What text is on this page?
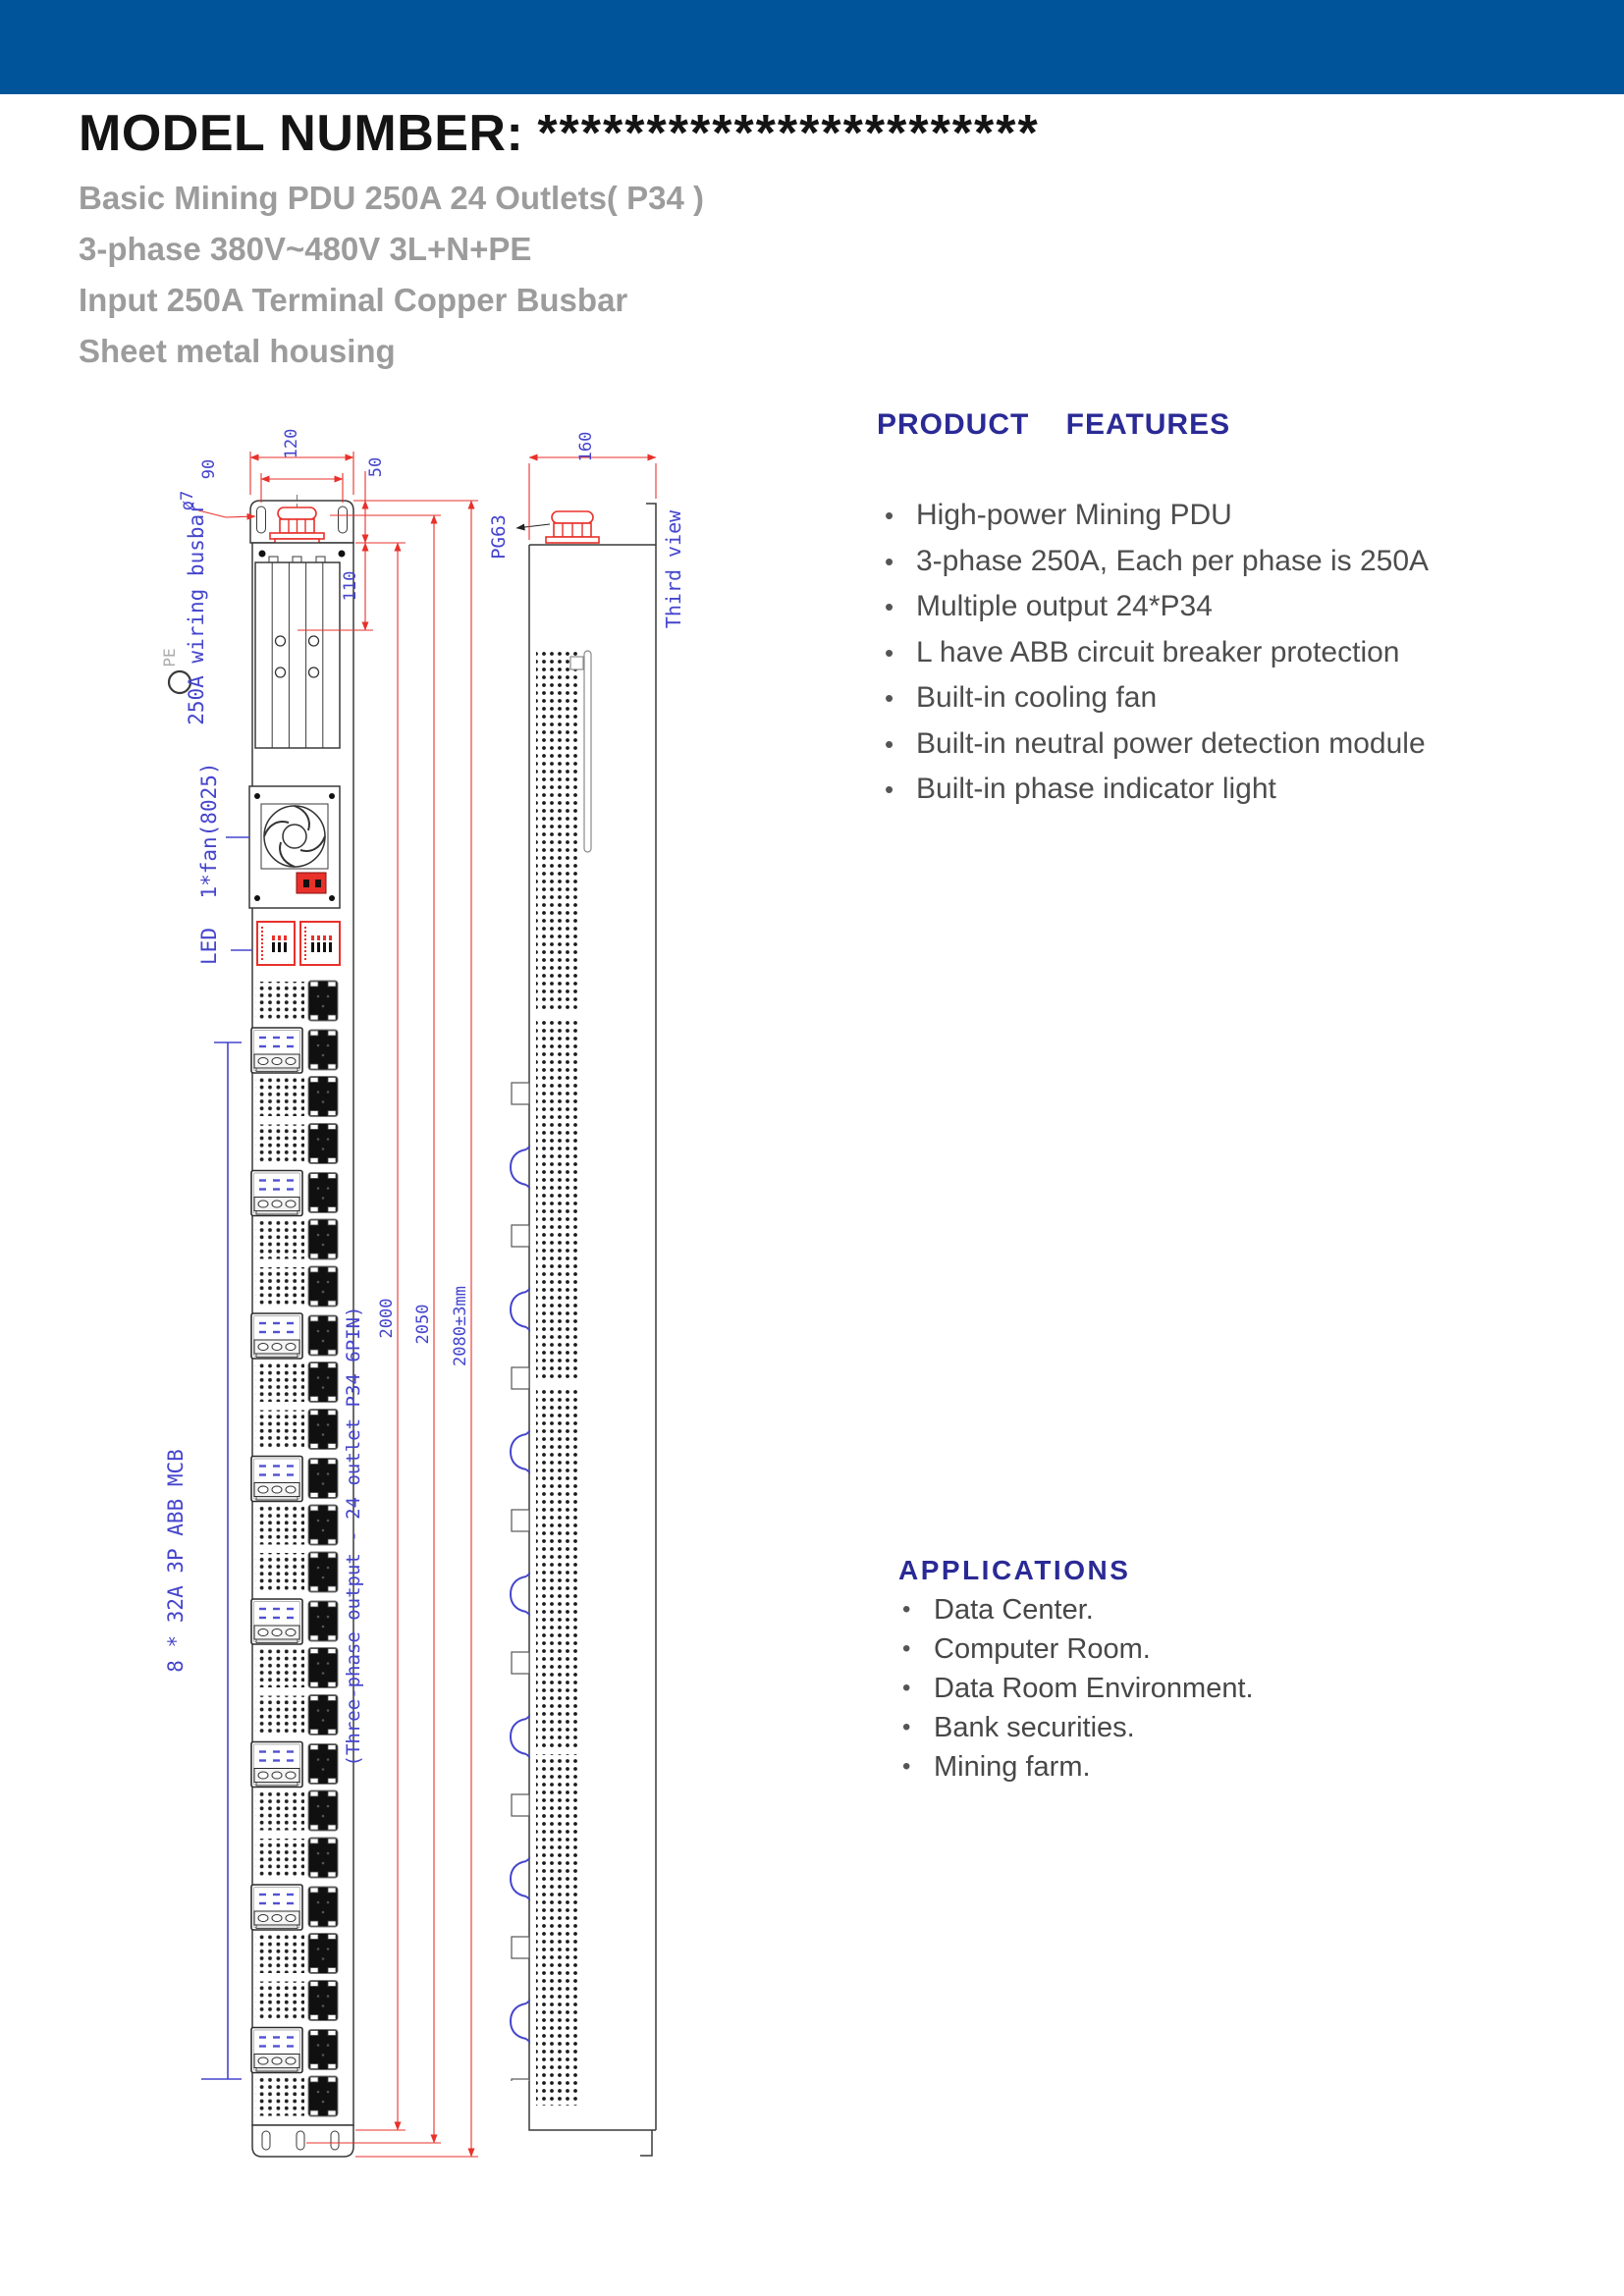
MODEL NUMBER: ***********************
Basic Mining PDU 250A 24 Outlets( P34 )
3-phase 380V~480V 3L+N+PE
Input 250A Terminal Copper Busbar
Sheet metal housing
PRODUCT FEATURES
• High-power Mining PDU
• 3-phase 250A, Each per phase is 250A
• Multiple output 24*P34
• L have ABB circuit breaker protection
• Built-in cooling fan
• Built-in neutral power detection module
• Built-in phase indicator light
APPLICATIONS
• Data Center.
• Computer Room.
• Data Room Environment.
• Bank securities.
• Mining farm.
PE 250A wiring busbar
1*fan(8025)
LED
8 * 32A 3P ABB MCB	(Three-phase output - 24 outlet P34 6PIN)
PG63	Third view
120
90	50
ø7
110
2000 2050 2080±3mm
160
